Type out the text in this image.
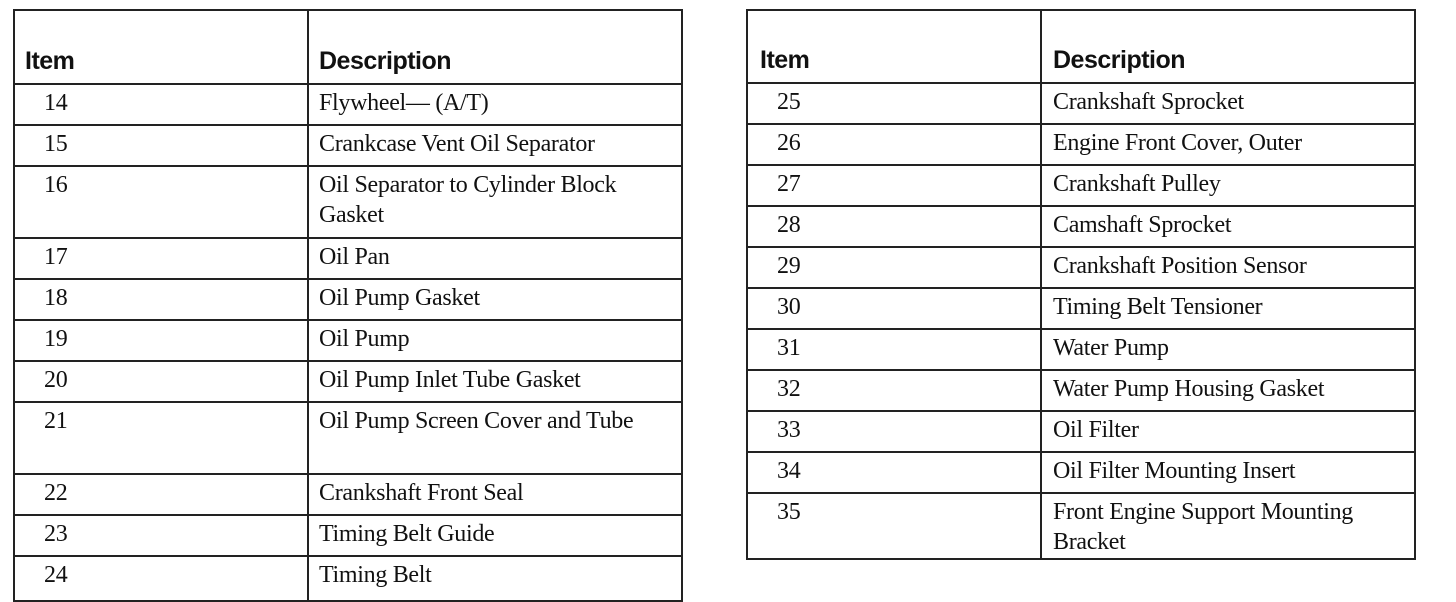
Item	Description
14	Flywheel— (A/T)
15	Crankcase Vent Oil Separator
16	Oil Separator to Cylinder Block Gasket
17	Oil Pan
18	Oil Pump Gasket
19	Oil Pump
20	Oil Pump Inlet Tube Gasket
21	Oil Pump Screen Cover and Tube
22	Crankshaft Front Seal
23	Timing Belt Guide
24	Timing Belt
Item	Description
25	Crankshaft Sprocket
26	Engine Front Cover, Outer
27	Crankshaft Pulley
28	Camshaft Sprocket
29	Crankshaft Position Sensor
30	Timing Belt Tensioner
31	Water Pump
32	Water Pump Housing Gasket
33	Oil Filter
34	Oil Filter Mounting Insert
35	Front Engine Support Mounting Bracket
